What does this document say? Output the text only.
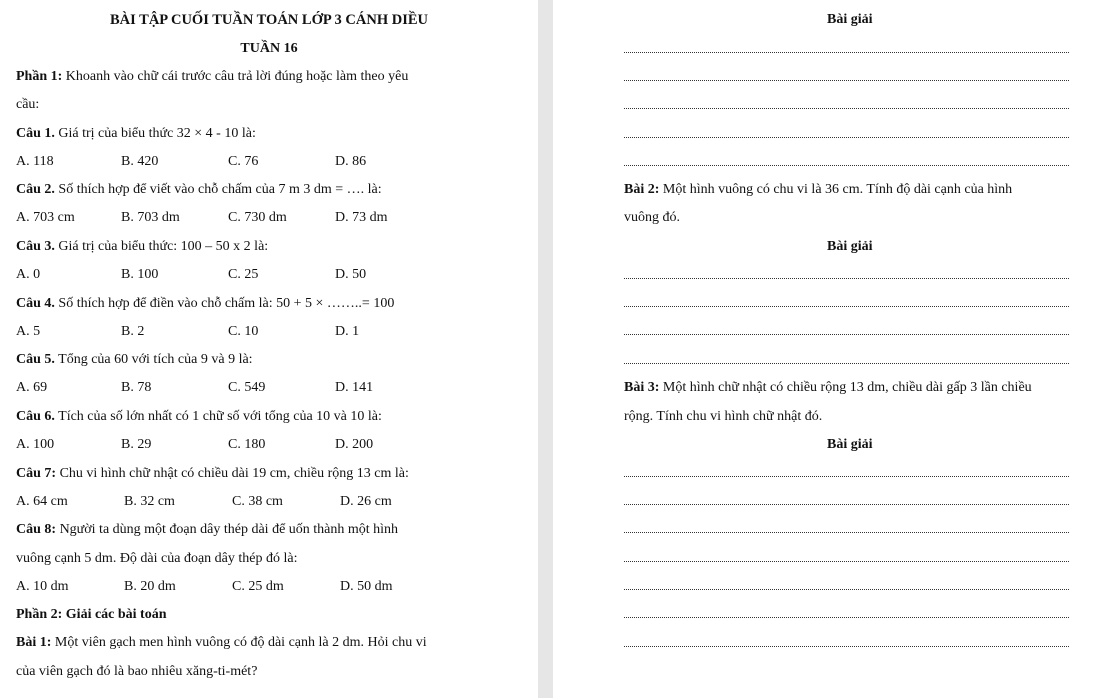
BÀI TẬP CUỐI TUẦN TOÁN LỚP 3 CÁNH DIỀU
TUẦN 16
Phần 1: Khoanh vào chữ cái trước câu trả lời đúng hoặc làm theo yêu
cầu:
Câu 1. Giá trị của biểu thức 32 × 4 - 10 là:
A. 118	B. 420	C. 76	D. 86
Câu 2. Số thích hợp để viết vào chỗ chấm của 7 m 3 dm = …. là:
A. 703 cm	B. 703 dm	C. 730 dm	D. 73 dm
Câu 3. Giá trị của biểu thức: 100 – 50 x 2 là:
A. 0	B. 100	C. 25	D. 50
Câu 4. Số thích hợp để điền vào chỗ chấm là: 50 + 5 × ……..= 100
A. 5	B. 2	C. 10	D. 1
Câu 5. Tổng của 60 với tích của 9 và 9 là:
A. 69	B. 78	C. 549	D. 141
Câu 6. Tích của số lớn nhất có 1 chữ số với tổng của 10 và 10 là:
A. 100	B. 29	C. 180	D. 200
Câu 7: Chu vi hình chữ nhật có chiều dài 19 cm, chiều rộng 13 cm là:
A. 64 cm	B. 32 cm	C. 38 cm	D. 26 cm
Câu 8: Người ta dùng một đoạn dây thép dài để uốn thành một hình
vuông cạnh 5 dm. Độ dài của đoạn dây thép đó là:
A. 10 dm	B. 20 dm	C. 25 dm	D. 50 dm
Phần 2: Giải các bài toán
Bài 1: Một viên gạch men hình vuông có độ dài cạnh là 2 dm. Hỏi chu vi
của viên gạch đó là bao nhiêu xăng-ti-mét?
Bài giải
Bài 2: Một hình vuông có chu vi là 36 cm. Tính độ dài cạnh của hình
vuông đó.
Bài giải
Bài 3: Một hình chữ nhật có chiều rộng 13 dm, chiều dài gấp 3 lần chiều
rộng. Tính chu vi hình chữ nhật đó.
Bài giải
